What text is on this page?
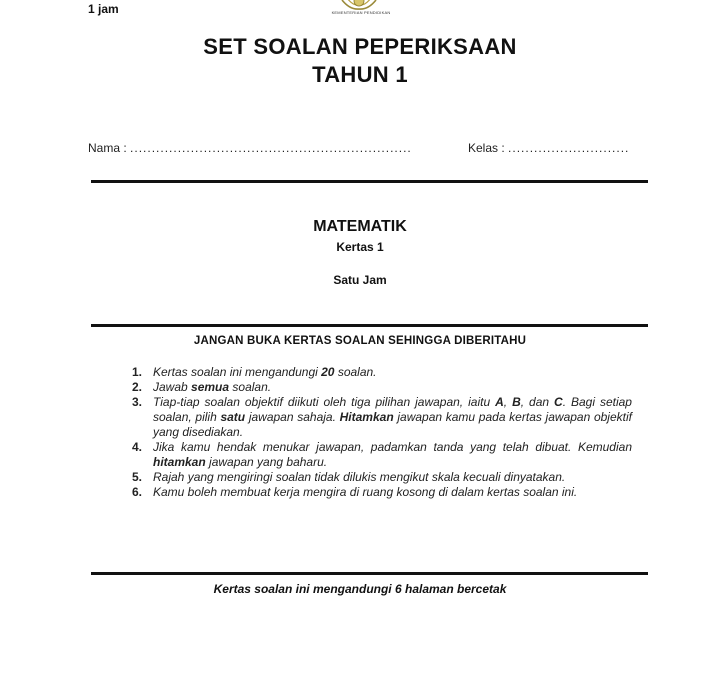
1 jam	KEMENTERIAN PENDIDIKAN
SET SOALAN PEPERIKSAAN
TAHUN 1
Nama : .................................................................	Kelas : ............................
MATEMATIK
Kertas 1
Satu Jam
JANGAN BUKA KERTAS SOALAN SEHINGGA DIBERITAHU
1. Kertas soalan ini mengandungi 20 soalan.
2. Jawab semua soalan.
3. Tiap-tiap soalan objektif diikuti oleh tiga pilihan jawapan, iaitu A, B, dan C. Bagi setiap soalan, pilih satu jawapan sahaja. Hitamkan jawapan kamu pada kertas jawapan objektif yang disediakan.
4. Jika kamu hendak menukar jawapan, padamkan tanda yang telah dibuat. Kemudian hitamkan jawapan yang baharu.
5. Rajah yang mengiringi soalan tidak dilukis mengikut skala kecuali dinyatakan.
6. Kamu boleh membuat kerja mengira di ruang kosong di dalam kertas soalan ini.
Kertas soalan ini mengandungi 6 halaman bercetak
